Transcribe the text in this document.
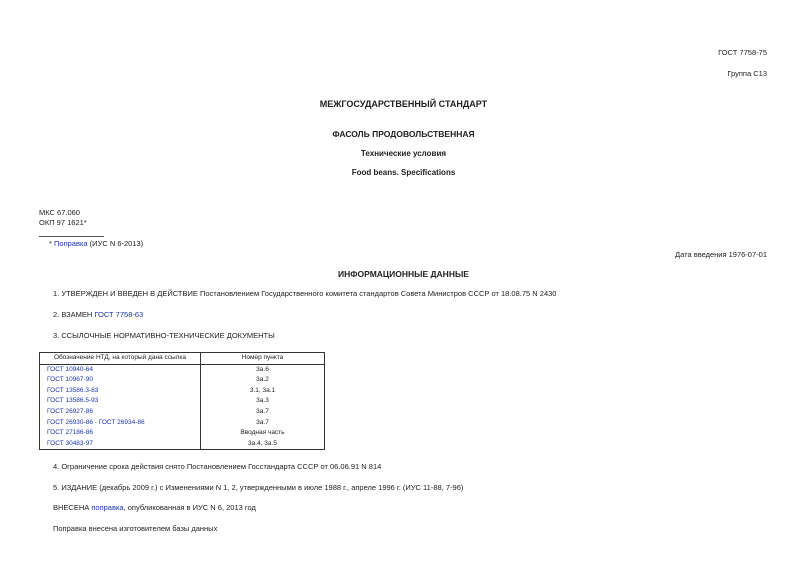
ГОСТ 7758-75
Группа С13
МЕЖГОСУДАРСТВЕННЫЙ СТАНДАРТ
ФАСОЛЬ ПРОДОВОЛЬСТВЕННАЯ
Технические условия
Food beans. Specifications
МКС 67.060
ОКП 97 1621*
* Поправка (ИУС N 6-2013)
Дата введения 1976-07-01
ИНФОРМАЦИОННЫЕ ДАННЫЕ
1. УТВЕРЖДЕН И ВВЕДЕН В ДЕЙСТВИЕ Постановлением Государственного комитета стандартов Совета Министров СССР от 18.08.75 N 2430
2. ВЗАМЕН ГОСТ 7758-63
3. ССЫЛОЧНЫЕ НОРМАТИВНО-ТЕХНИЧЕСКИЕ ДОКУМЕНТЫ
Обозначение НТД, на который дана ссылка	Номер пункта
ГОСТ 10940-64	3а.6
ГОСТ 10967-90	3а.2
ГОСТ 13586.3-83	3.1, 3а.1
ГОСТ 13586.5-93	3а.3
ГОСТ 26927-86	3а.7
ГОСТ 26930-86 - ГОСТ 26934-86	3а.7
ГОСТ 27186-86	Вводная часть
ГОСТ 30483-97	3а.4, 3а.5
4. Ограничение срока действия снято Постановлением Госстандарта СССР от 06.06.91 N 814
5. ИЗДАНИЕ (декабрь 2009 г.) с Изменениями N 1, 2, утвержденными в июле 1988 г., апреле 1996 г. (ИУС 11-88, 7-96)
ВНЕСЕНА поправка, опубликованная в ИУС N 6, 2013 год
Поправка внесена изготовителем базы данных
